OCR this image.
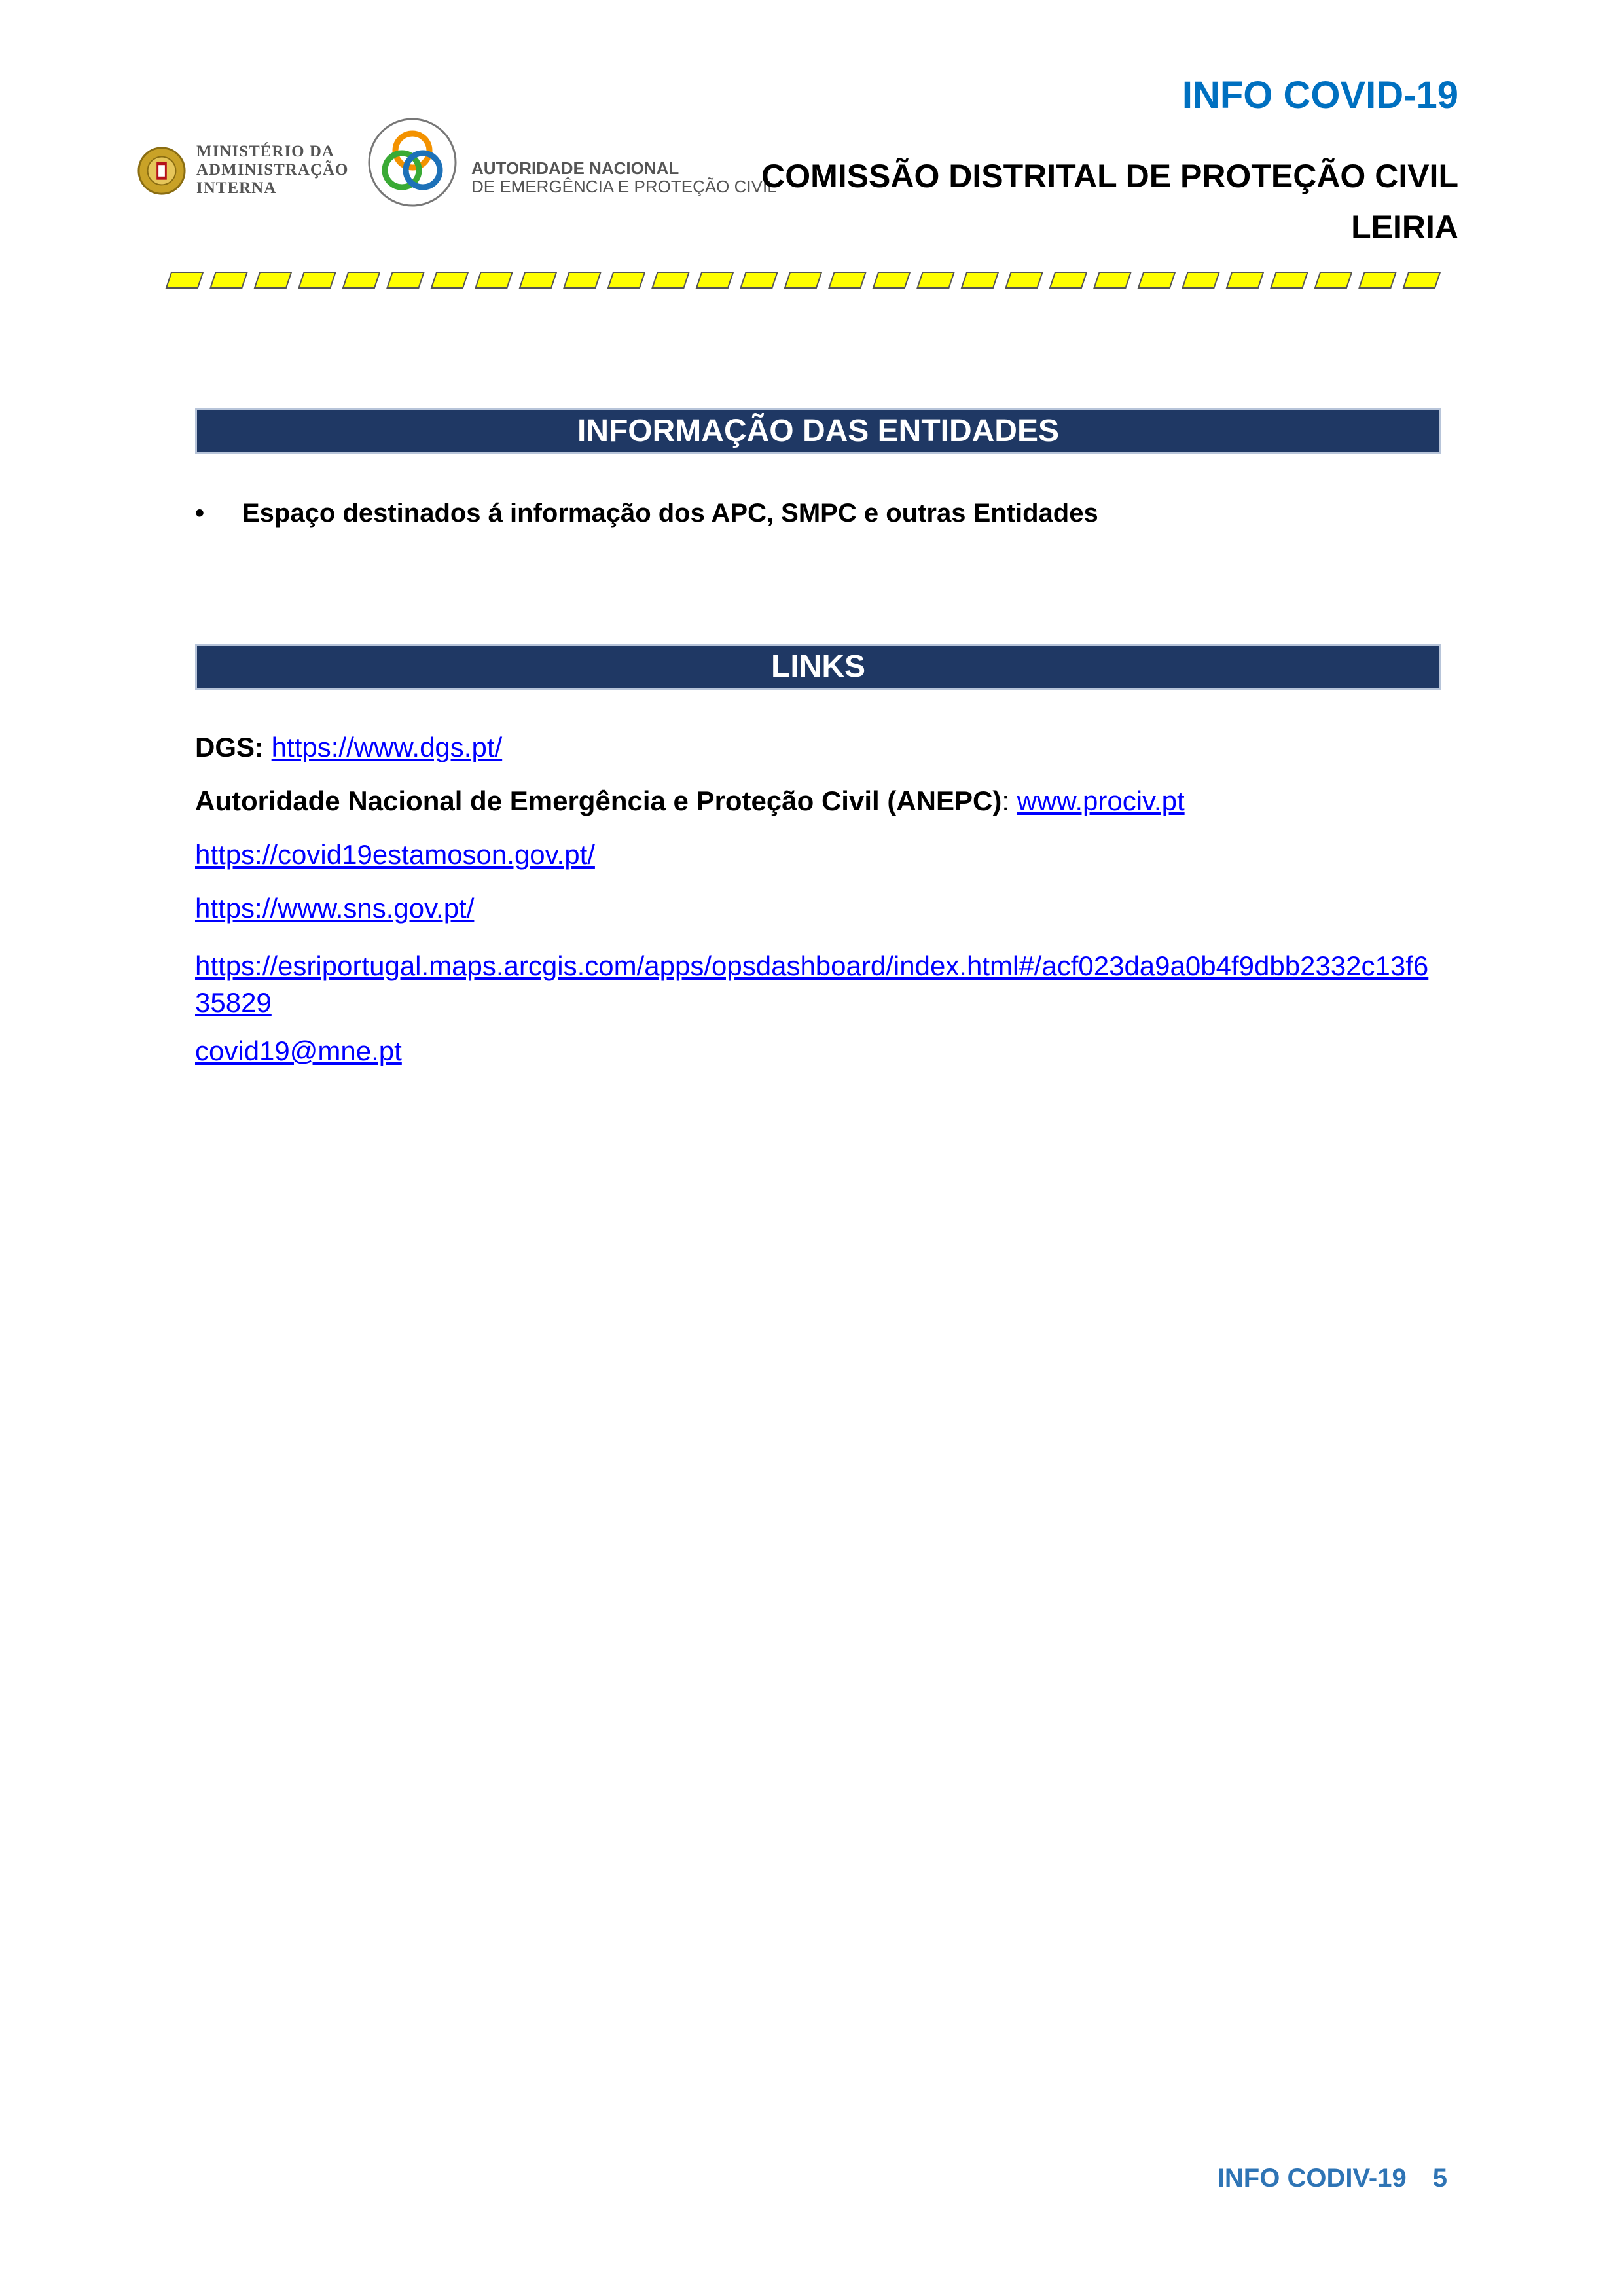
MINISTÉRIO DA
ADMINISTRAÇÃO
INTERNA
AUTORIDADE NACIONAL
DE EMERGÊNCIA E PROTEÇÃO CIVIL
INFO COVID-19
COMISSÃO DISTRITAL DE PROTEÇÃO CIVIL
LEIRIA
INFORMAÇÃO DAS ENTIDADES
• Espaço destinados á informação dos APC, SMPC e outras Entidades
LINKS
DGS: https://www.dgs.pt/
Autoridade Nacional de Emergência e Proteção Civil (ANEPC): www.prociv.pt
https://covid19estamoson.gov.pt/
https://www.sns.gov.pt/
https://esriportugal.maps.arcgis.com/apps/opsdashboard/index.html#/acf023da9a0b4f9dbb2332c13f635829
covid19@mne.pt
INFO CODIV-19 5
